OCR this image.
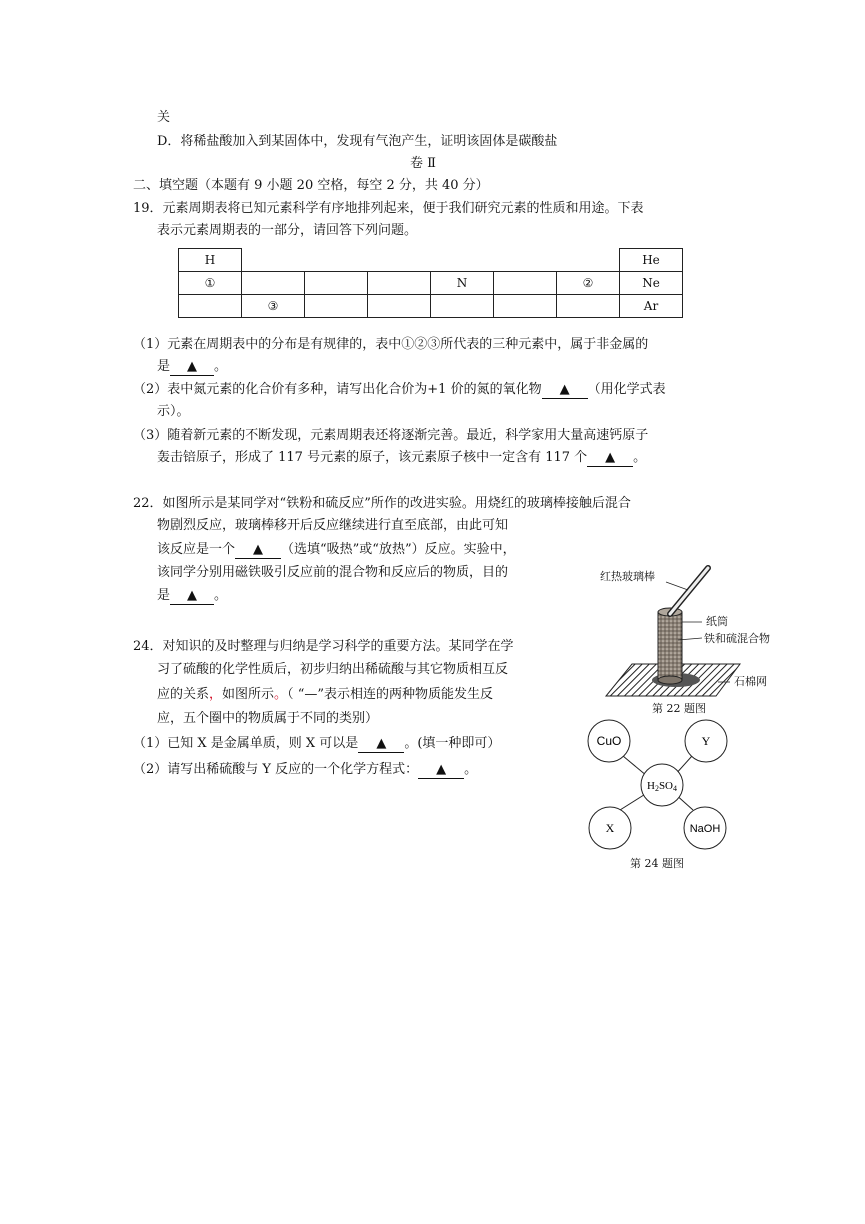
关
D．将稀盐酸加入到某固体中，发现有气泡产生，证明该固体是碳酸盐
卷 Ⅱ
二、填空题（本题有 9 小题 20 空格，每空 2 分，共 40 分）
19．元素周期表将已知元素科学有序地排列起来，便于我们研究元素的性质和用途。下表
表示元素周期表的一部分，请回答下列问题。
H							He
①				N		②	Ne
	③						Ar
（1）元素在周期表中的分布是有规律的，表中①②③所代表的三种元素中，属于非金属的
是 ▲ 。
（2）表中氮元素的化合价有多种，请写出化合价为+1 价的氮的氧化物 ▲ （用化学式表
示）。
（3）随着新元素的不断发现，元素周期表还将逐渐完善。最近，科学家用大量高速钙原子
轰击锫原子，形成了 117 号元素的原子，该元素原子核中一定含有 117 个 ▲ 。
22．如图所示是某同学对“铁粉和硫反应”所作的改进实验。用烧红的玻璃棒接触后混合
物剧烈反应，玻璃棒移开后反应继续进行直至底部，由此可知
该反应是一个 ▲ （选填“吸热”或“放热”）反应。实验中，
该同学分别用磁铁吸引反应前的混合物和反应后的物质，目的
是 ▲ 。
红热玻璃棒
纸筒
铁和硫混合物
石棉网
第 22 题图
24．对知识的及时整理与归纳是学习科学的重要方法。某同学在学
习了硫酸的化学性质后，初步归纳出稀硫酸与其它物质相互反
应的关系，如图所示。（ “—”表示相连的两种物质能发生反
应，五个圈中的物质属于不同的类别）
（1）已知 X 是金属单质，则 X 可以是 ▲ 。(填一种即可）
（2）请写出稀硫酸与 Y 反应的一个化学方程式： ▲ 。
CuO	Y
H2SO4
X	NaOH
第 24 题图
